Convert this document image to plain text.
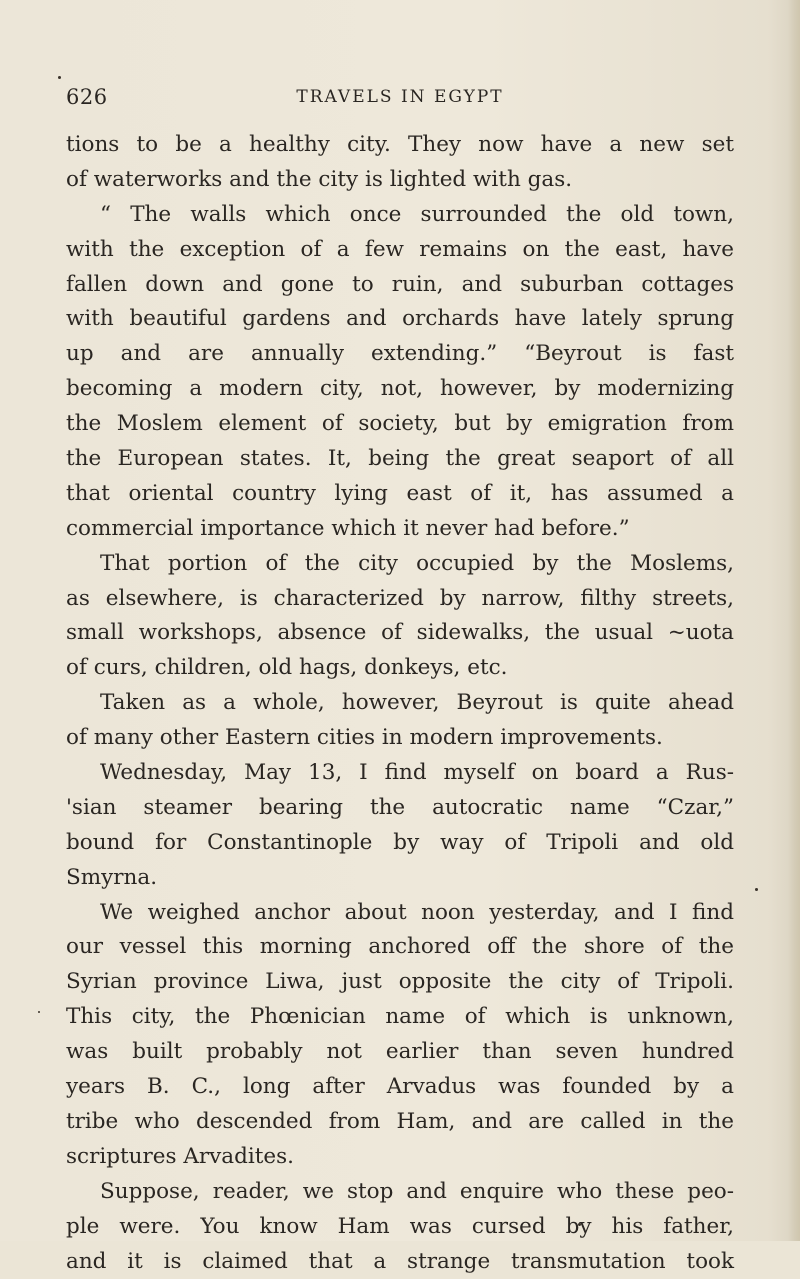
626	TRAVELS IN EGYPT
tions to be a healthy city. They now have a new set
of waterworks and the city is lighted with gas.
“ The walls which once surrounded the old town,
with the exception of a few remains on the east, have
fallen down and gone to ruin, and suburban cottages
with beautiful gardens and orchards have lately sprung
up and are annually extending.” “Beyrout is fast
becoming a modern city, not, however, by modernizing
the Moslem element of society, but by emigration from
the European states. It, being the great seaport of all
that oriental country lying east of it, has assumed a
commercial importance which it never had before.”
That portion of the city occupied by the Moslems,
as elsewhere, is characterized by narrow, filthy streets,
small workshops, absence of sidewalks, the usual ~uota
of curs, children, old hags, donkeys, etc.
Taken as a whole, however, Beyrout is quite ahead
of many other Eastern cities in modern improvements.
Wednesday, May 13, I find myself on board a Rus-
'sian steamer bearing the autocratic name “Czar,”
bound for Constantinople by way of Tripoli and old
Smyrna.
We weighed anchor about noon yesterday, and I find
our vessel this morning anchored off the shore of the
Syrian province Liwa, just opposite the city of Tripoli.
This city, the Phœnician name of which is unknown,
was built probably not earlier than seven hundred
years B. C., long after Arvadus was founded by a
tribe who descended from Ham, and are called in the
scriptures Arvadites.
Suppose, reader, we stop and enquire who these peo-
ple were. You know Ham was cursed by his father,
and it is claimed that a strange transmutation took
